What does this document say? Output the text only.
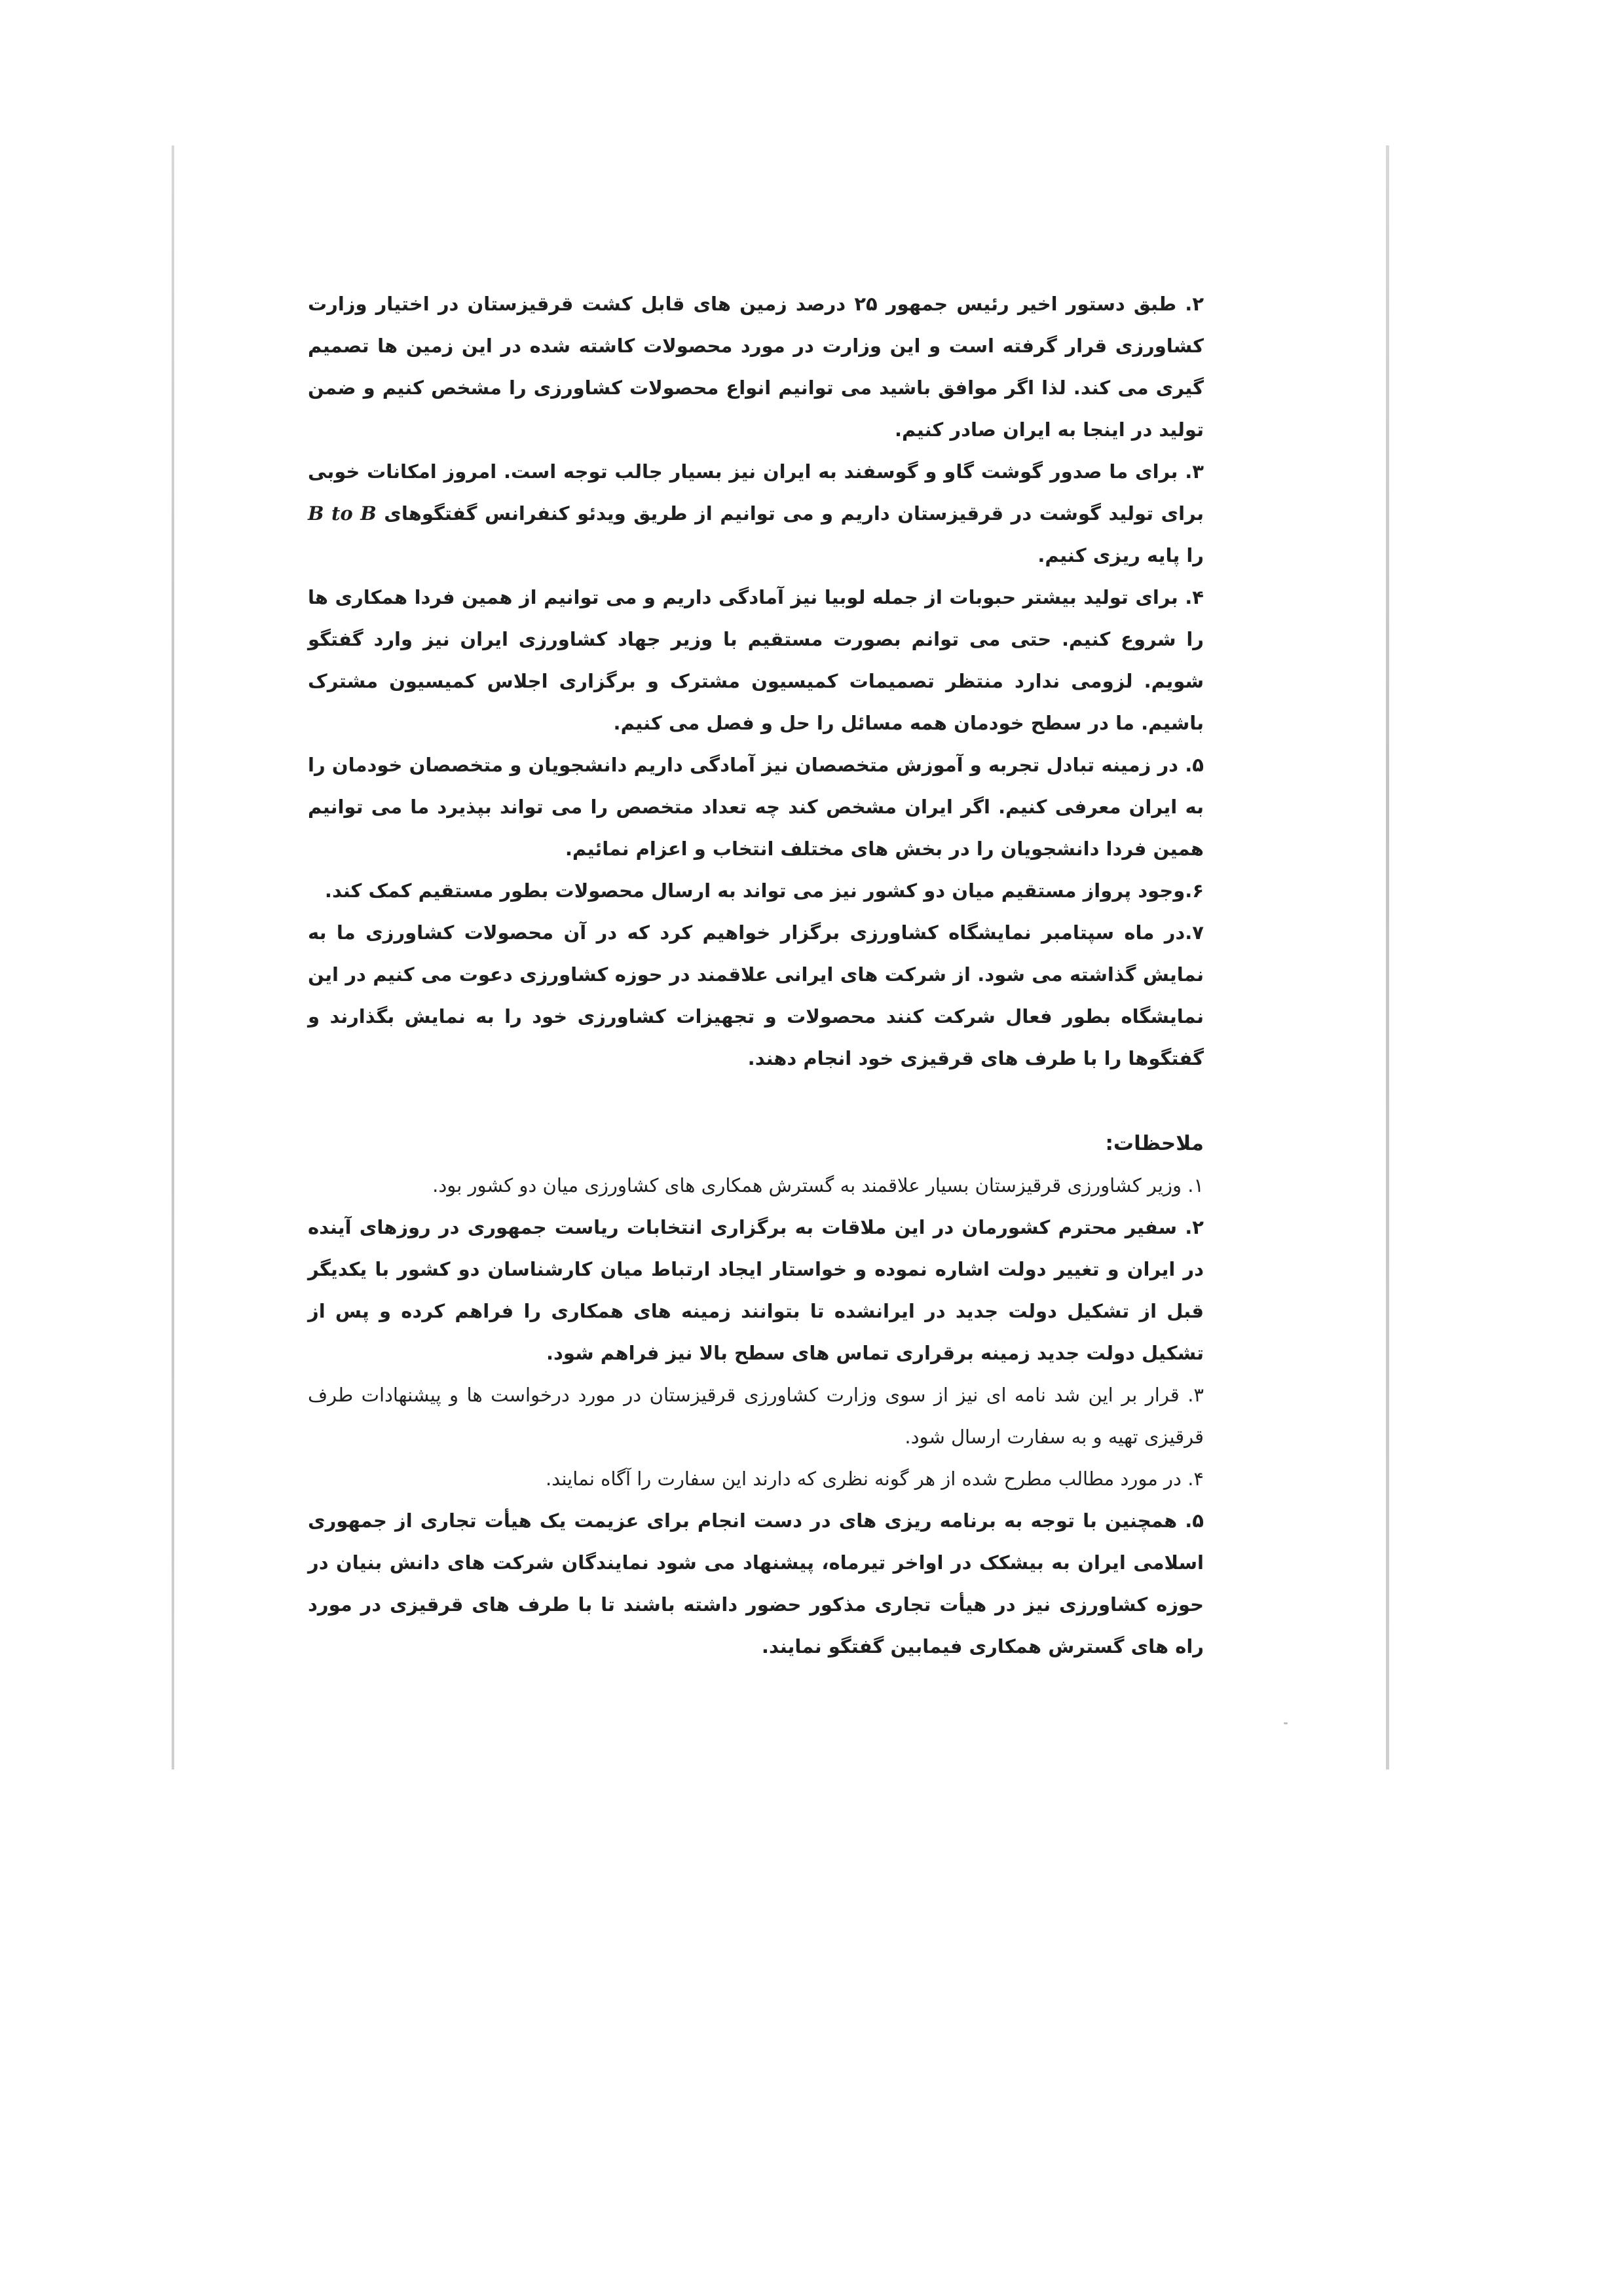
۲. طبق دستور اخیر رئیس جمهور ۲۵ درصد زمین های قابل کشت قرقیزستان در اختیار وزارت کشاورزی قرار گرفته است و این وزارت در مورد محصولات کاشته شده در این زمین ها تصمیم گیری می کند. لذا اگر موافق باشید می توانیم انواع محصولات کشاورزی را مشخص کنیم و ضمن تولید در اینجا به ایران صادر کنیم.

۳. برای ما صدور گوشت گاو و گوسفند به ایران نیز بسیار جالب توجه است. امروز امکانات خوبی برای تولید گوشت در قرقیزستان داریم و می توانیم از طریق ویدئو کنفرانس گفتگوهای B to B را پایه ریزی کنیم.

۴. برای تولید بیشتر حبوبات از جمله لوبیا نیز آمادگی داریم و می توانیم از همین فردا همکاری ها را شروع کنیم. حتی می توانم بصورت مستقیم با وزیر جهاد کشاورزی ایران نیز وارد گفتگو شویم. لزومی ندارد منتظر تصمیمات کمیسیون مشترک و برگزاری اجلاس کمیسیون مشترک باشیم. ما در سطح خودمان همه مسائل را حل و فصل می کنیم.

۵. در زمینه تبادل تجربه و آموزش متخصصان نیز آمادگی داریم دانشجویان و متخصصان خودمان را به ایران معرفی کنیم. اگر ایران مشخص کند چه تعداد متخصص را می تواند بپذیرد ما می توانیم همین فردا دانشجویان را در بخش های مختلف انتخاب و اعزام نمائیم.

۶.وجود پرواز مستقیم میان دو کشور نیز می تواند به ارسال محصولات بطور مستقیم کمک کند.

۷.در ماه سپتامبر نمایشگاه کشاورزی برگزار خواهیم کرد که در آن محصولات کشاورزی ما به نمایش گذاشته می شود. از شرکت های ایرانی علاقمند در حوزه کشاورزی دعوت می کنیم در این نمایشگاه بطور فعال شرکت کنند محصولات و تجهیزات کشاورزی خود را به نمایش بگذارند و گفتگوها را با طرف های قرقیزی خود انجام دهند.

ملاحظات:

۱. وزیر کشاورزی قرقیزستان بسیار علاقمند به گسترش همکاری های کشاورزی میان دو کشور بود.

۲. سفیر محترم کشورمان در این ملاقات به برگزاری انتخابات ریاست جمهوری در روزهای آینده در ایران و تغییر دولت اشاره نموده و خواستار ایجاد ارتباط میان کارشناسان دو کشور با یکدیگر قبل از تشکیل دولت جدید در ایرانشده تا بتوانند زمینه های همکاری را فراهم کرده و پس از تشکیل دولت جدید زمینه برقراری تماس های سطح بالا نیز فراهم شود.

۳. قرار بر این شد نامه ای نیز از سوی وزارت کشاورزی قرقیزستان در مورد درخواست ها و پیشنهادات طرف قرقیزی تهیه و به سفارت ارسال شود.

۴. در مورد مطالب مطرح شده از هر گونه نظری که دارند این سفارت را آگاه نمایند.

۵. همچنین با توجه به برنامه ریزی های در دست انجام برای عزیمت یک هیأت تجاری از جمهوری اسلامی ایران به بیشکک در اواخر تیرماه، پیشنهاد می شود نمایندگان شرکت های دانش بنیان در حوزه کشاورزی نیز در هیأت تجاری مذکور حضور داشته باشند تا با طرف های قرقیزی در مورد راه های گسترش همکاری فیمابین گفتگو نمایند.
